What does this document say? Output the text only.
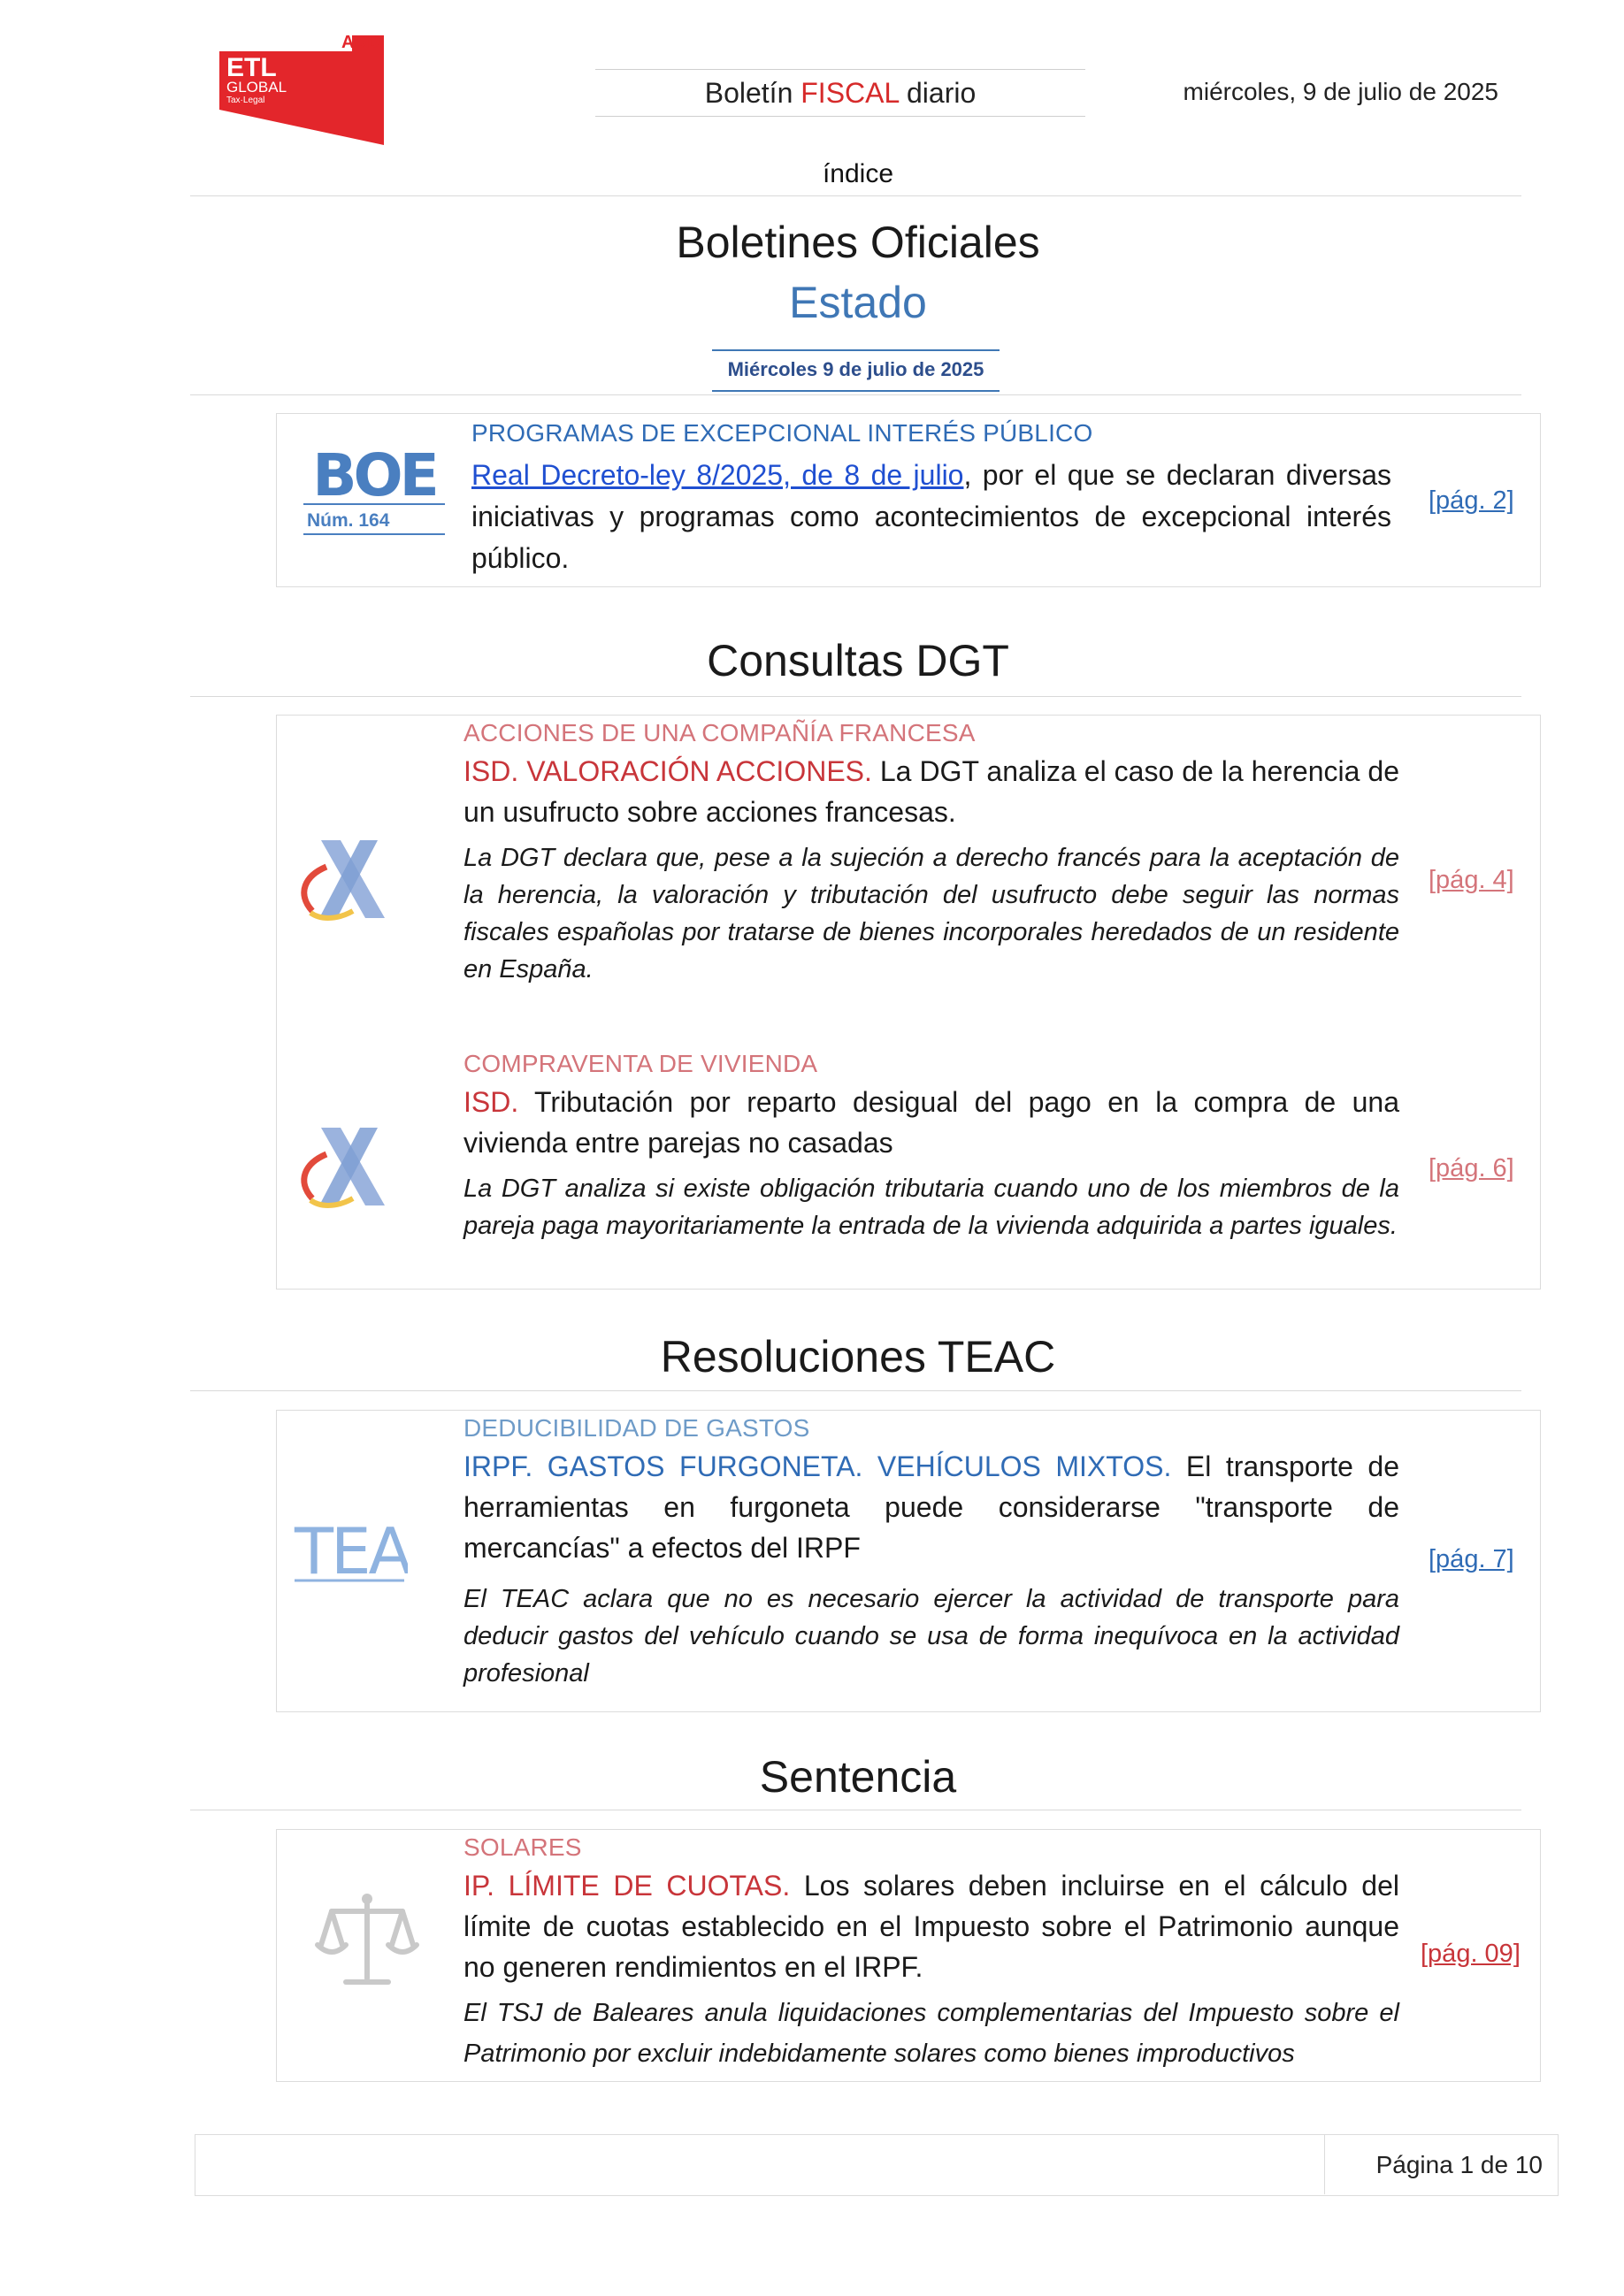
ADD
ETL
GLOBAL
Tax·Legal	Boletín FISCAL diario	miércoles, 9 de julio de 2025
índice
Boletines Oficiales
Estado
Miércoles 9 de julio de 2025
BOE
Núm. 164
PROGRAMAS DE EXCEPCIONAL INTERÉS PÚBLICO
Real Decreto-ley 8/2025, de 8 de julio, por el que se declaran diversas iniciativas y programas como acontecimientos de excepcional interés público.
[pág. 2]
Consultas DGT
ACCIONES DE UNA COMPAÑÍA FRANCESA
ISD. VALORACIÓN ACCIONES. La DGT analiza el caso de la herencia de un usufructo sobre acciones francesas.
La DGT declara que, pese a la sujeción a derecho francés para la aceptación de la herencia, la valoración y tributación del usufructo debe seguir las normas fiscales españolas por tratarse de bienes incorporales heredados de un residente en España.
[pág. 4]
COMPRAVENTA DE VIVIENDA
ISD. Tributación por reparto desigual del pago en la compra de una vivienda entre parejas no casadas
La DGT analiza si existe obligación tributaria cuando uno de los miembros de la pareja paga mayoritariamente la entrada de la vivienda adquirida a partes iguales.
[pág. 6]
Resoluciones TEAC
TEA
DEDUCIBILIDAD DE GASTOS
IRPF. GASTOS FURGONETA. VEHÍCULOS MIXTOS. El transporte de herramientas en furgoneta puede considerarse "transporte de mercancías" a efectos del IRPF
El TEAC aclara que no es necesario ejercer la actividad de transporte para deducir gastos del vehículo cuando se usa de forma inequívoca en la actividad profesional
[pág. 7]
Sentencia
SOLARES
IP. LÍMITE DE CUOTAS. Los solares deben incluirse en el cálculo del límite de cuotas establecido en el Impuesto sobre el Patrimonio aunque no generen rendimientos en el IRPF.
El TSJ de Baleares anula liquidaciones complementarias del Impuesto sobre el Patrimonio por excluir indebidamente solares como bienes improductivos
[pág. 09]
Página 1 de 10
